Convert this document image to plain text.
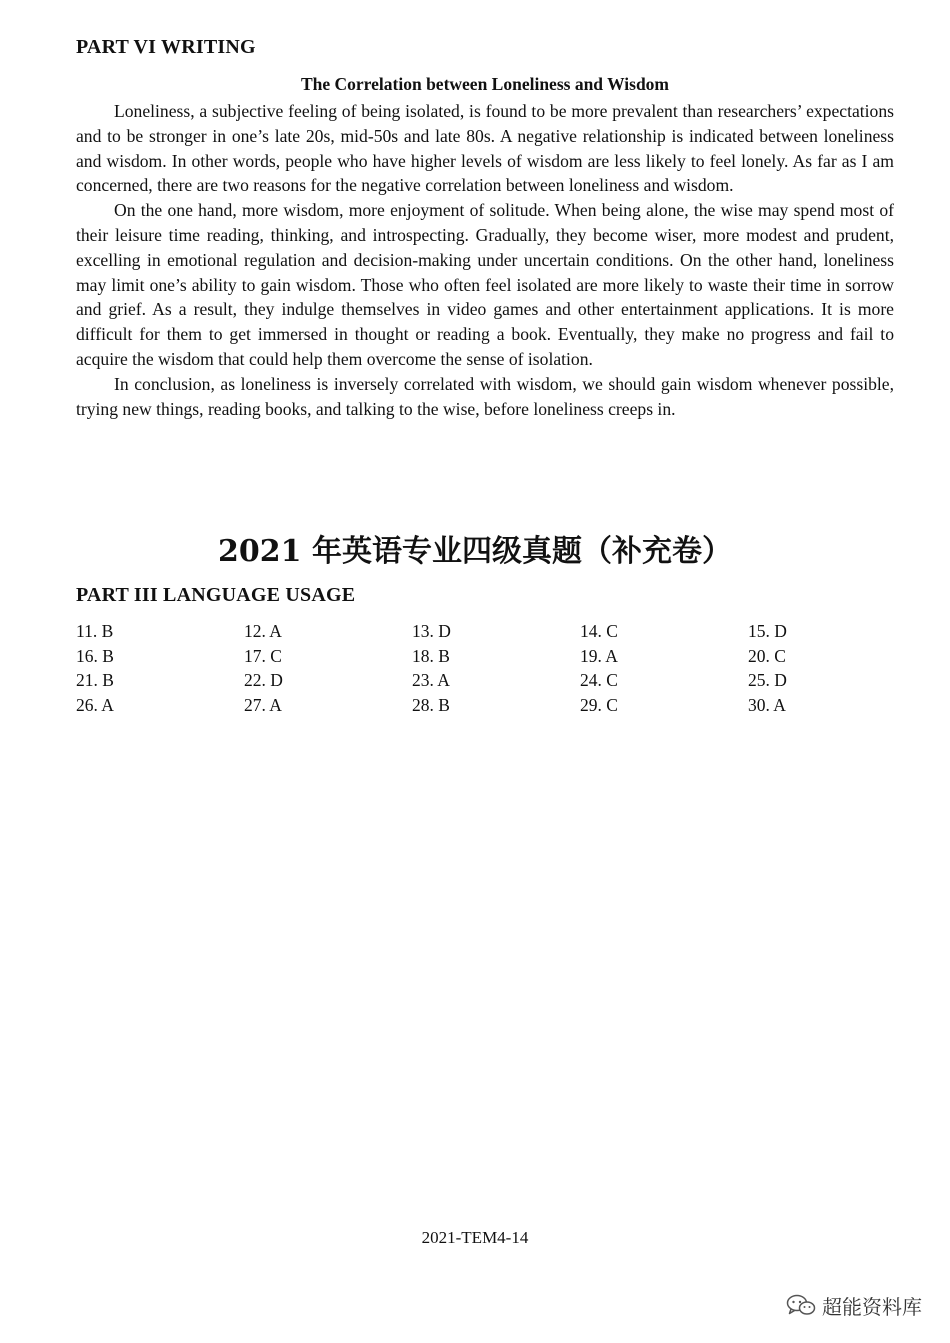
PART VI WRITING
The Correlation between Loneliness and Wisdom

Loneliness, a subjective feeling of being isolated, is found to be more prevalent than researchers’ expectations and to be stronger in one’s late 20s, mid-50s and late 80s. A negative relationship is indicated between loneliness and wisdom. In other words, people who have higher levels of wisdom are less likely to feel lonely. As far as I am concerned, there are two reasons for the negative correlation between loneliness and wisdom.

On the one hand, more wisdom, more enjoyment of solitude. When being alone, the wise may spend most of their leisure time reading, thinking, and introspecting. Gradually, they become wiser, more modest and prudent, excelling in emotional regulation and decision-making under uncertain conditions. On the other hand, loneliness may limit one’s ability to gain wisdom. Those who often feel isolated are more likely to waste their time in sorrow and grief. As a result, they indulge themselves in video games and other entertainment applications. It is more difficult for them to get immersed in thought or reading a book. Eventually, they make no progress and fail to acquire the wisdom that could help them overcome the sense of isolation.

In conclusion, as loneliness is inversely correlated with wisdom, we should gain wisdom whenever possible, trying new things, reading books, and talking to the wise, before loneliness creeps in.

2021 年英语专业四级真题（补充卷）
PART III LANGUAGE USAGE
11. B	12. A	13. D	14. C	15. D
16. B	17. C	18. B	19. A	20. C
21. B	22. D	23. A	24. C	25. D
26. A	27. A	28. B	29. C	30. A
2021-TEM4-14
超能资料库
